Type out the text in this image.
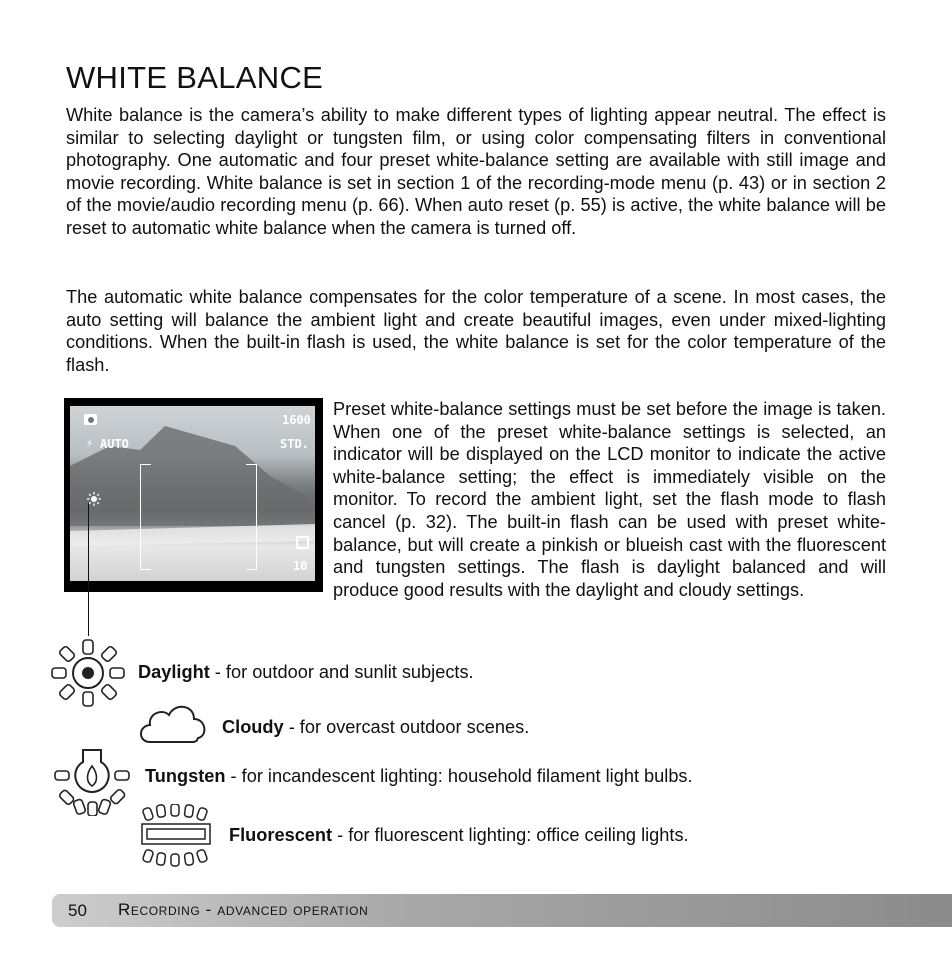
WHITE BALANCE

White balance is the camera’s ability to make different types of lighting appear neutral. The effect is similar to selecting daylight or tungsten film, or using color compensating filters in conventional photography. One automatic and four preset white-balance setting are available with still image and movie recording. White balance is set in section 1 of the recording-mode menu (p. 43) or in section 2 of the movie/audio recording menu (p. 66). When auto reset (p. 55) is active, the white balance will be reset to automatic white balance when the camera is turned off.

The automatic white balance compensates for the color temperature of a scene. In most cases, the auto setting will balance the ambient light and create beautiful images, even under mixed-lighting conditions. When the built-in flash is used, the white balance is set for the color temperature of the flash.

⚡ AUTO
1600
STD.
10

Preset white-balance settings must be set before the image is taken. When one of the preset white-balance settings is selected, an indicator will be displayed on the LCD monitor to indicate the active white-balance setting; the effect is immediately visible on the monitor. To record the ambient light, set the flash mode to flash cancel (p. 32). The built-in flash can be used with preset white-balance, but will create a pinkish or blueish cast with the fluorescent and tungsten settings. The flash is daylight balanced and will produce good results with the daylight and cloudy settings.

Daylight - for outdoor and sunlit subjects.
Cloudy - for overcast outdoor scenes.
Tungsten - for incandescent lighting: household filament light bulbs.
Fluorescent - for fluorescent lighting: office ceiling lights.
50 Recording - advanced operation
